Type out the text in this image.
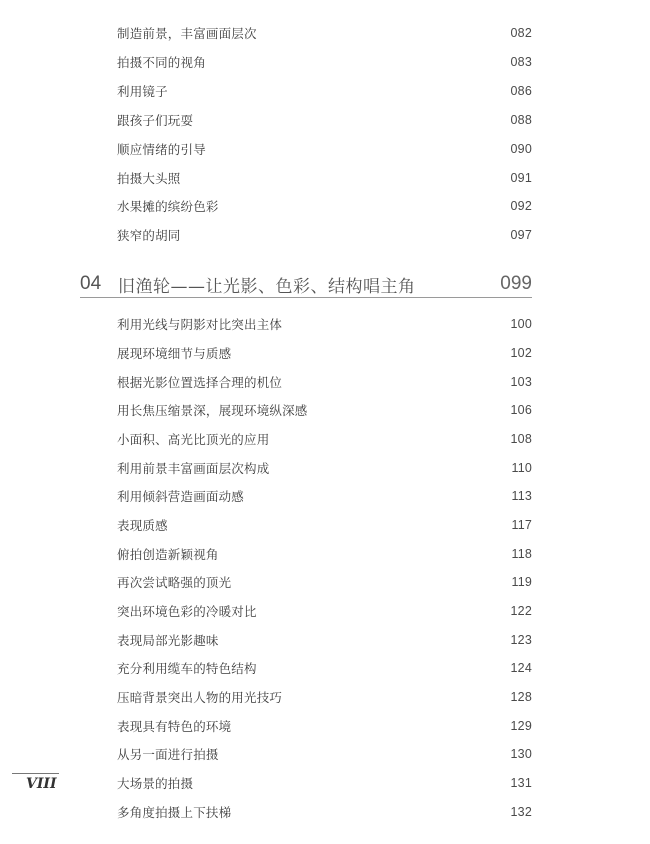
制造前景，丰富画面层次	082
拍摄不同的视角	083
利用镜子	086
跟孩子们玩耍	088
顺应情绪的引导	090
拍摄大头照	091
水果摊的缤纷色彩	092
狭窄的胡同	097
04 旧渔轮——让光影、色彩、结构唱主角	099
利用光线与阴影对比突出主体	100
展现环境细节与质感	102
根据光影位置选择合理的机位	103
用长焦压缩景深，展现环境纵深感	106
小面积、高光比顶光的应用	108
利用前景丰富画面层次构成	110
利用倾斜营造画面动感	113
表现质感	117
俯拍创造新颖视角	118
再次尝试略强的顶光	119
突出环境色彩的冷暖对比	122
表现局部光影趣味	123
充分利用缆车的特色结构	124
压暗背景突出人物的用光技巧	128
表现具有特色的环境	129
从另一面进行拍摄	130
大场景的拍摄	131
多角度拍摄上下扶梯	132
VIII
